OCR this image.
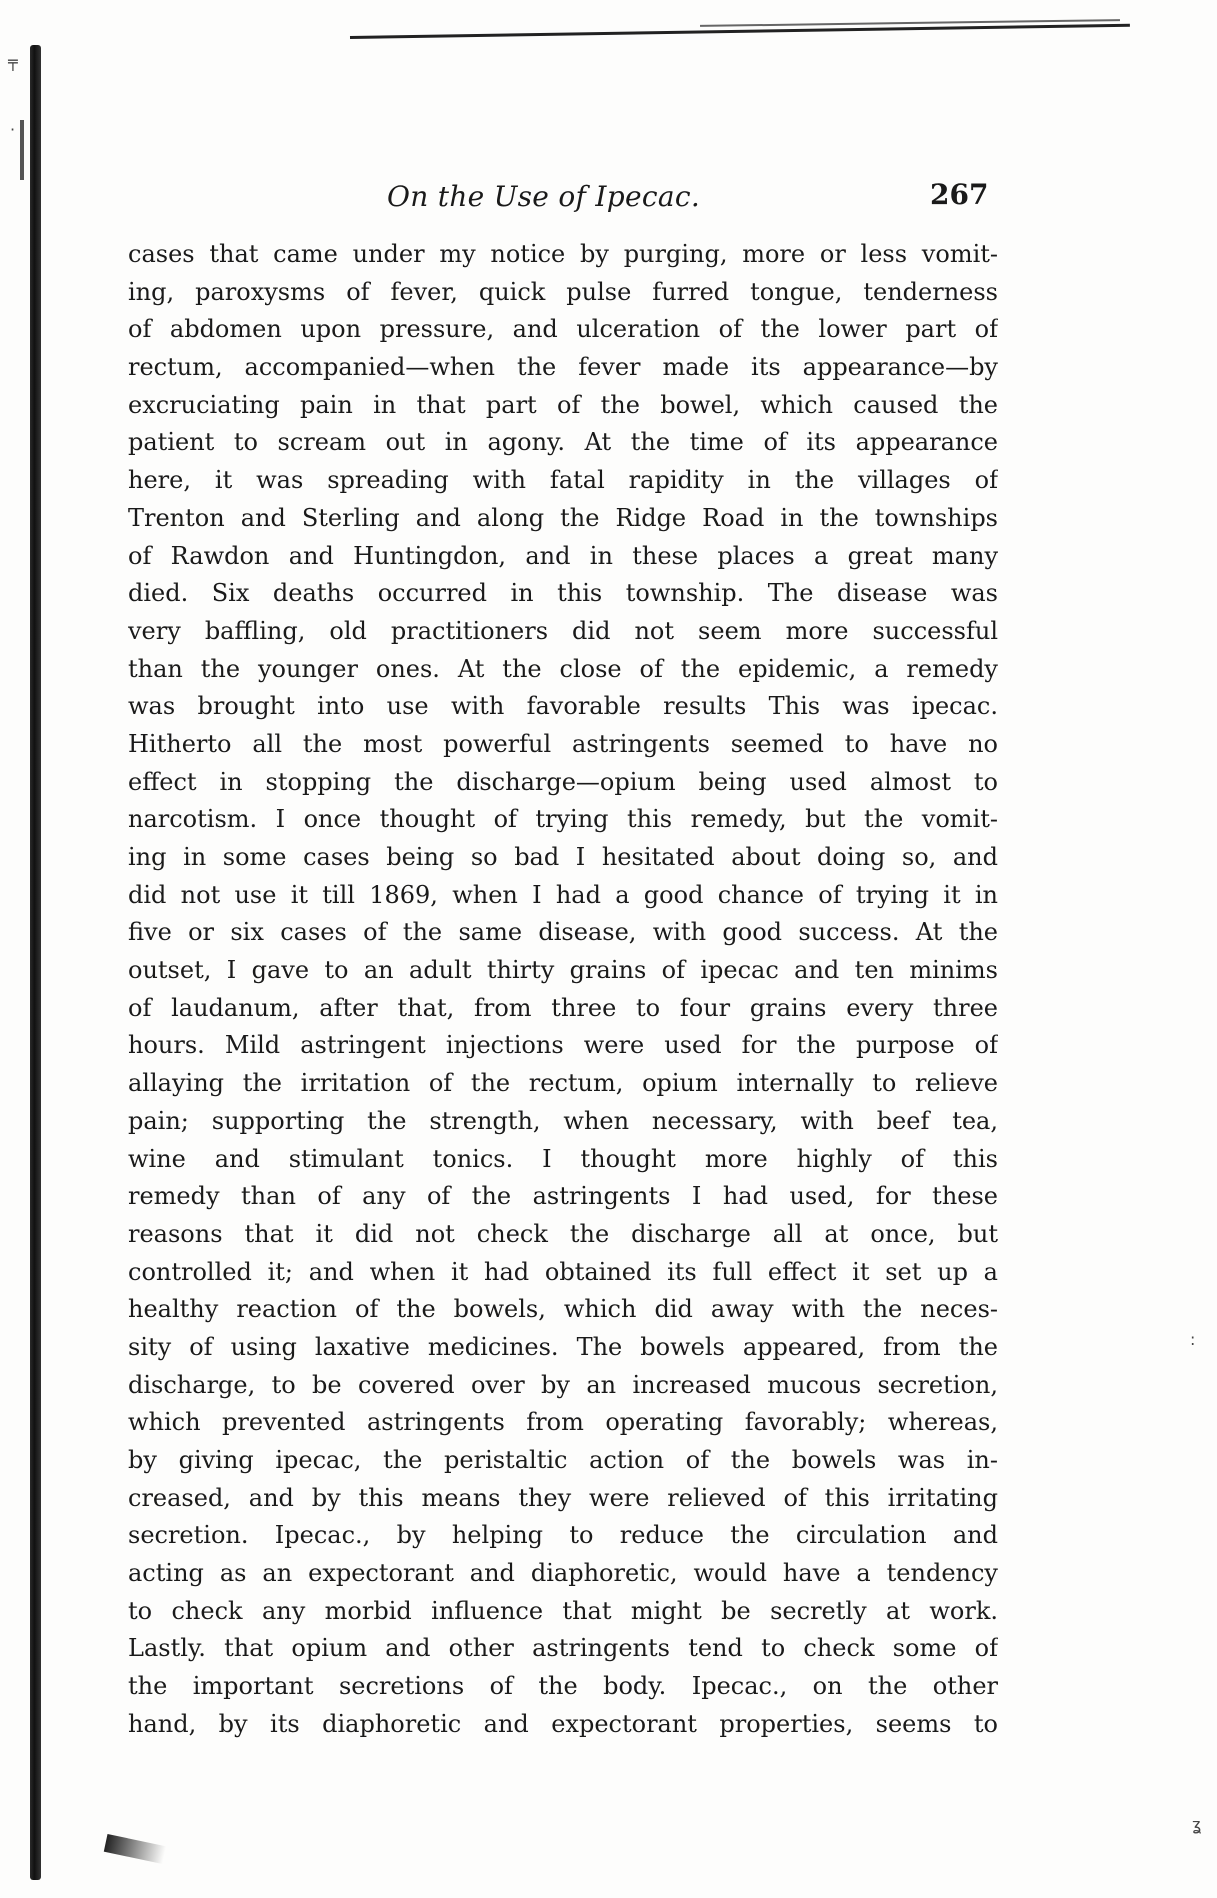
╤
·
:
ʓ
On the Use of Ipecac.	267
cases that came under my notice by purging, more or less vomit-
ing, paroxysms of fever, quick pulse furred tongue, tenderness
of abdomen upon pressure, and ulceration of the lower part of
rectum, accompanied—when the fever made its appearance—by
excruciating pain in that part of the bowel, which caused the
patient to scream out in agony. At the time of its appearance
here, it was spreading with fatal rapidity in the villages of
Trenton and Sterling and along the Ridge Road in the townships
of Rawdon and Huntingdon, and in these places a great many
died. Six deaths occurred in this township. The disease was
very baffling, old practitioners did not seem more successful
than the younger ones. At the close of the epidemic, a remedy
was brought into use with favorable results This was ipecac.
Hitherto all the most powerful astringents seemed to have no
effect in stopping the discharge—opium being used almost to
narcotism. I once thought of trying this remedy, but the vomit-
ing in some cases being so bad I hesitated about doing so, and
did not use it till 1869, when I had a good chance of trying it in
five or six cases of the same disease, with good success. At the
outset, I gave to an adult thirty grains of ipecac and ten minims
of laudanum, after that, from three to four grains every three
hours. Mild astringent injections were used for the purpose of
allaying the irritation of the rectum, opium internally to relieve
pain; supporting the strength, when necessary, with beef tea,
wine and stimulant tonics. I thought more highly of this
remedy than of any of the astringents I had used, for these
reasons that it did not check the discharge all at once, but
controlled it; and when it had obtained its full effect it set up a
healthy reaction of the bowels, which did away with the neces-
sity of using laxative medicines. The bowels appeared, from the
discharge, to be covered over by an increased mucous secretion,
which prevented astringents from operating favorably; whereas,
by giving ipecac, the peristaltic action of the bowels was in-
creased, and by this means they were relieved of this irritating
secretion. Ipecac., by helping to reduce the circulation and
acting as an expectorant and diaphoretic, would have a tendency
to check any morbid influence that might be secretly at work.
Lastly. that opium and other astringents tend to check some of
the important secretions of the body. Ipecac., on the other
hand, by its diaphoretic and expectorant properties, seems to
